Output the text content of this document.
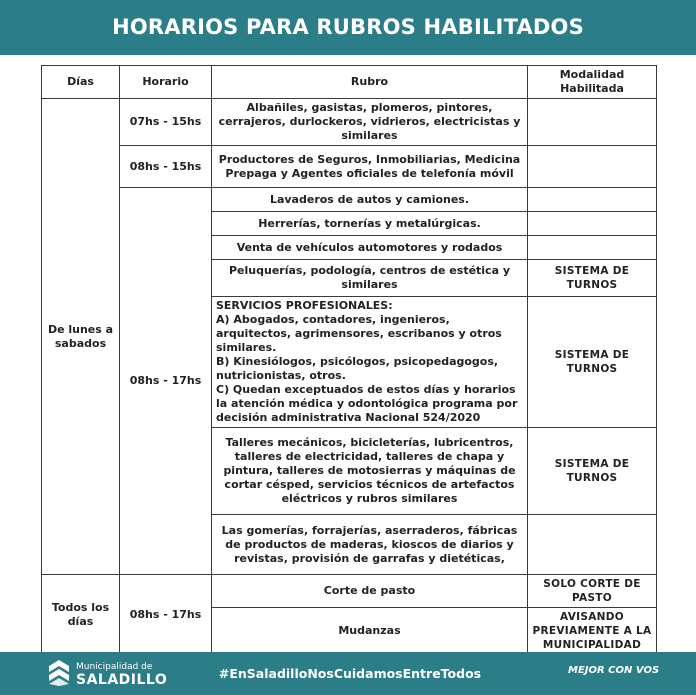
HORARIOS PARA RUBROS HABILITADOS
Días	Horario	Rubro	Modalidad Habilitada
De lunes a sabados	07hs - 15hs	Albañiles, gasistas, plomeros, pintores, cerrajeros, durlockeros, vidrieros, electricistas y similares	
	08hs - 15hs	Productores de Seguros, Inmobiliarias, Medicina Prepaga y Agentes oficiales de telefonía móvil	
	08hs - 17hs	Lavaderos de autos y camiones.	
		Herrerías, tornerías y metalúrgicas.	
		Venta de vehículos automotores y rodados	
		Peluquerías, podología, centros de estética y similares	SISTEMA DE TURNOS

		SERVICIOS PROFESIONALES:
A) Abogados, contadores, ingenieros, arquitectos, agrimensores, escribanos y otros similares.
B) Kinesiólogos, psicólogos, psicopedagogos, nutricionistas, otros.
C) Quedan exceptuados de estos días y horarios la atención médica y odontológica programa por decisión administrativa Nacional 524/2020	SISTEMA DE TURNOS
		Talleres mecánicos, bicicleterías, lubricentros, talleres de electricidad, talleres de chapa y pintura, talleres de motosierras y máquinas de cortar césped, servicios técnicos de artefactos eléctricos y rubros similares	SISTEMA DE TURNOS
		Las gomerías, forrajerías, aserraderos, fábricas de productos de maderas, kioscos de diarios y revistas, provisión de garrafas y dietéticas,	
Todos los días	08hs - 17hs	Corte de pasto	SOLO CORTE DE PASTO
		Mudanzas	AVISANDO PREVIAMENTE A LA MUNICIPALIDAD
Municipalidad de
SALADILLO	#EnSaladilloNosCuidamosEntreTodos	MEJOR CON VOS
